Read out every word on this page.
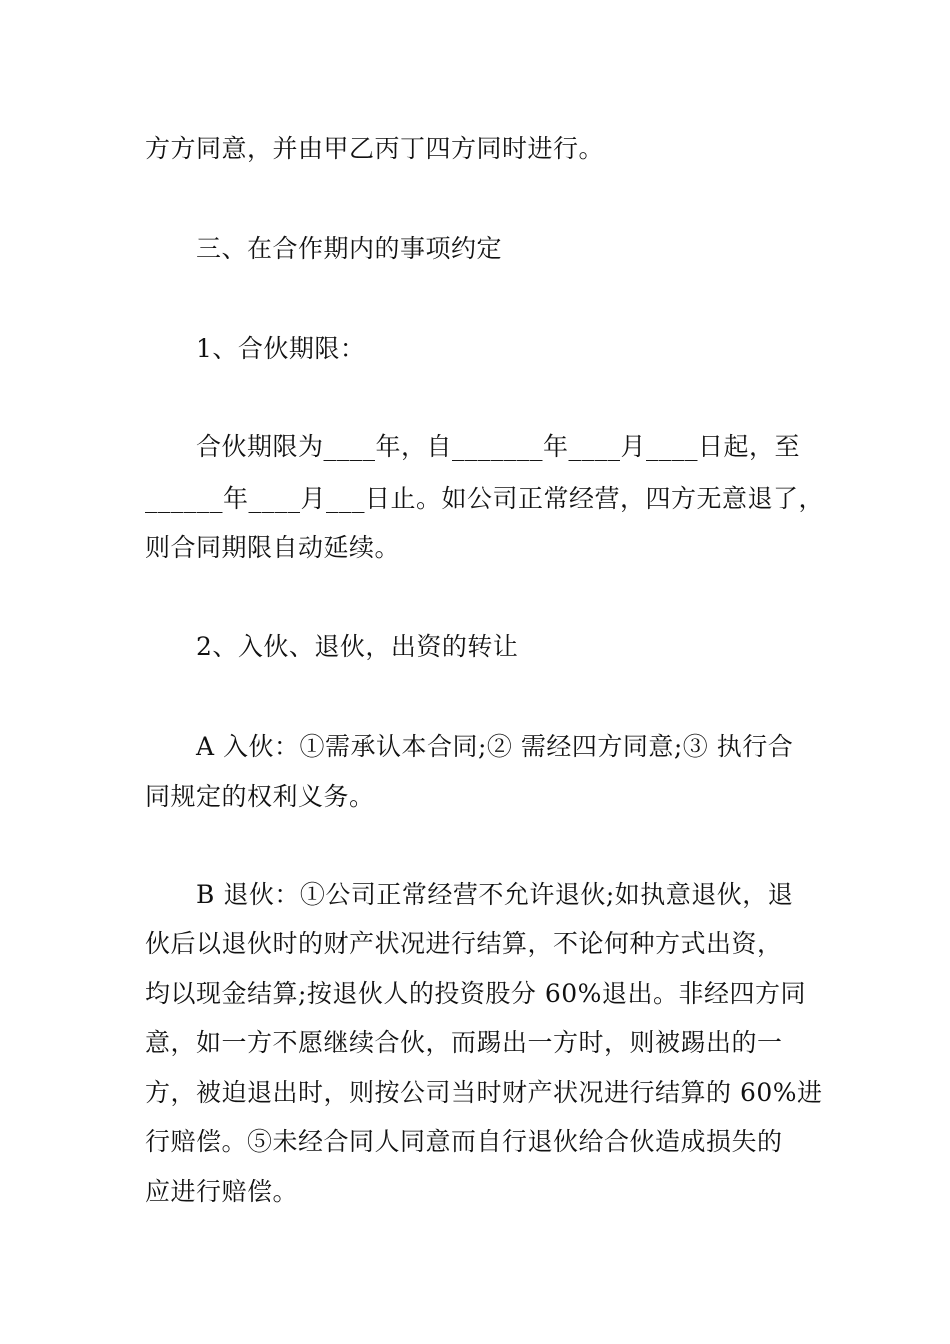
方方同意，并由甲乙丙丁四方同时进行。
三、在合作期内的事项约定
1、合伙期限：
合伙期限为____年，自_______年____月____日起，至
______年____月___日止。如公司正常经营，四方无意退了，
则合同期限自动延续。
2、入伙、退伙，出资的转让
A 入伙：①需承认本合同;② 需经四方同意;③ 执行合
同规定的权利义务。
B 退伙：①公司正常经营不允许退伙;如执意退伙，退
伙后以退伙时的财产状况进行结算，不论何种方式出资，
均以现金结算;按退伙人的投资股分 60%退出。非经四方同
意，如一方不愿继续合伙，而踢出一方时，则被踢出的一
方，被迫退出时，则按公司当时财产状况进行结算的 60%进
行赔偿。⑤未经合同人同意而自行退伙给合伙造成损失的
应进行赔偿。
